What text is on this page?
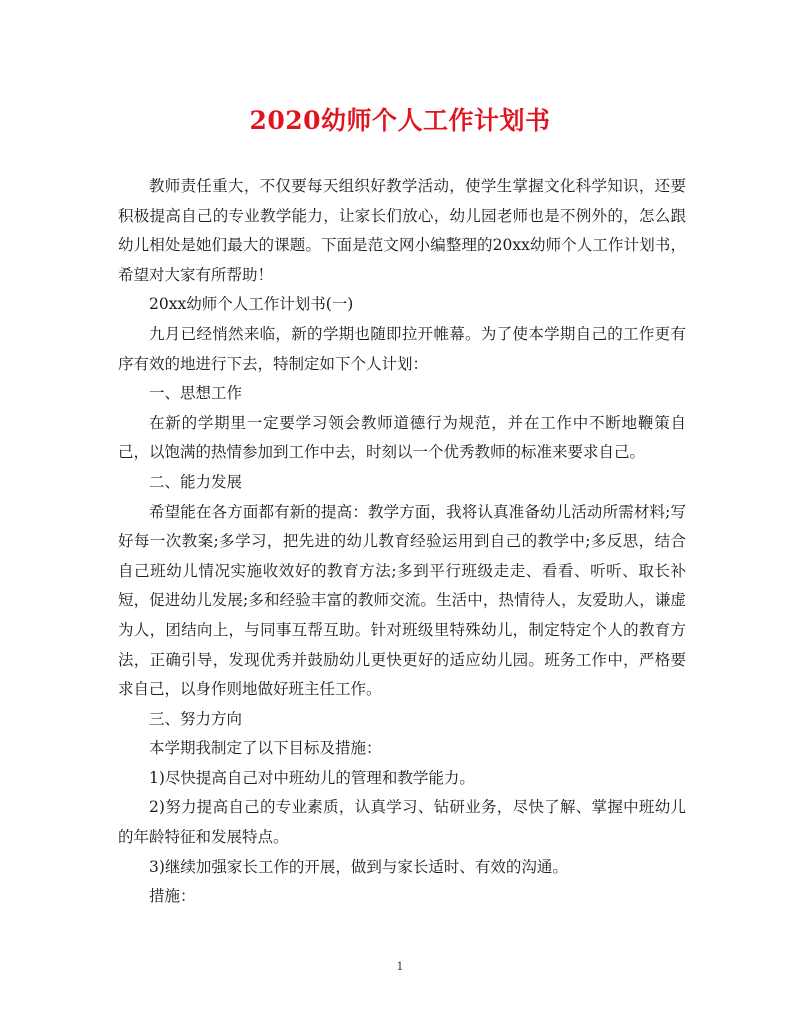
2020幼师个人工作计划书

教师责任重大，不仅要每天组织好教学活动，使学生掌握文化科学知识，还要积极提高自己的专业教学能力，让家长们放心，幼儿园老师也是不例外的，怎么跟幼儿相处是她们最大的课题。下面是范文网小编整理的20xx幼师个人工作计划书，希望对大家有所帮助！

20xx幼师个人工作计划书(一)

九月已经悄然来临，新的学期也随即拉开帷幕。为了使本学期自己的工作更有序有效的地进行下去，特制定如下个人计划：

一、思想工作

在新的学期里一定要学习领会教师道德行为规范，并在工作中不断地鞭策自己，以饱满的热情参加到工作中去，时刻以一个优秀教师的标准来要求自己。

二、能力发展

希望能在各方面都有新的提高：教学方面，我将认真准备幼儿活动所需材料;写好每一次教案;多学习，把先进的幼儿教育经验运用到自己的教学中;多反思，结合自己班幼儿情况实施收效好的教育方法;多到平行班级走走、看看、听听、取长补短，促进幼儿发展;多和经验丰富的教师交流。生活中，热情待人，友爱助人，谦虚为人，团结向上，与同事互帮互助。针对班级里特殊幼儿，制定特定个人的教育方法，正确引导，发现优秀并鼓励幼儿更快更好的适应幼儿园。班务工作中，严格要求自己，以身作则地做好班主任工作。

三、努力方向

本学期我制定了以下目标及措施：

1)尽快提高自己对中班幼儿的管理和教学能力。

2)努力提高自己的专业素质，认真学习、钻研业务，尽快了解、掌握中班幼儿的年龄特征和发展特点。

3)继续加强家长工作的开展，做到与家长适时、有效的沟通。

措施：

1
